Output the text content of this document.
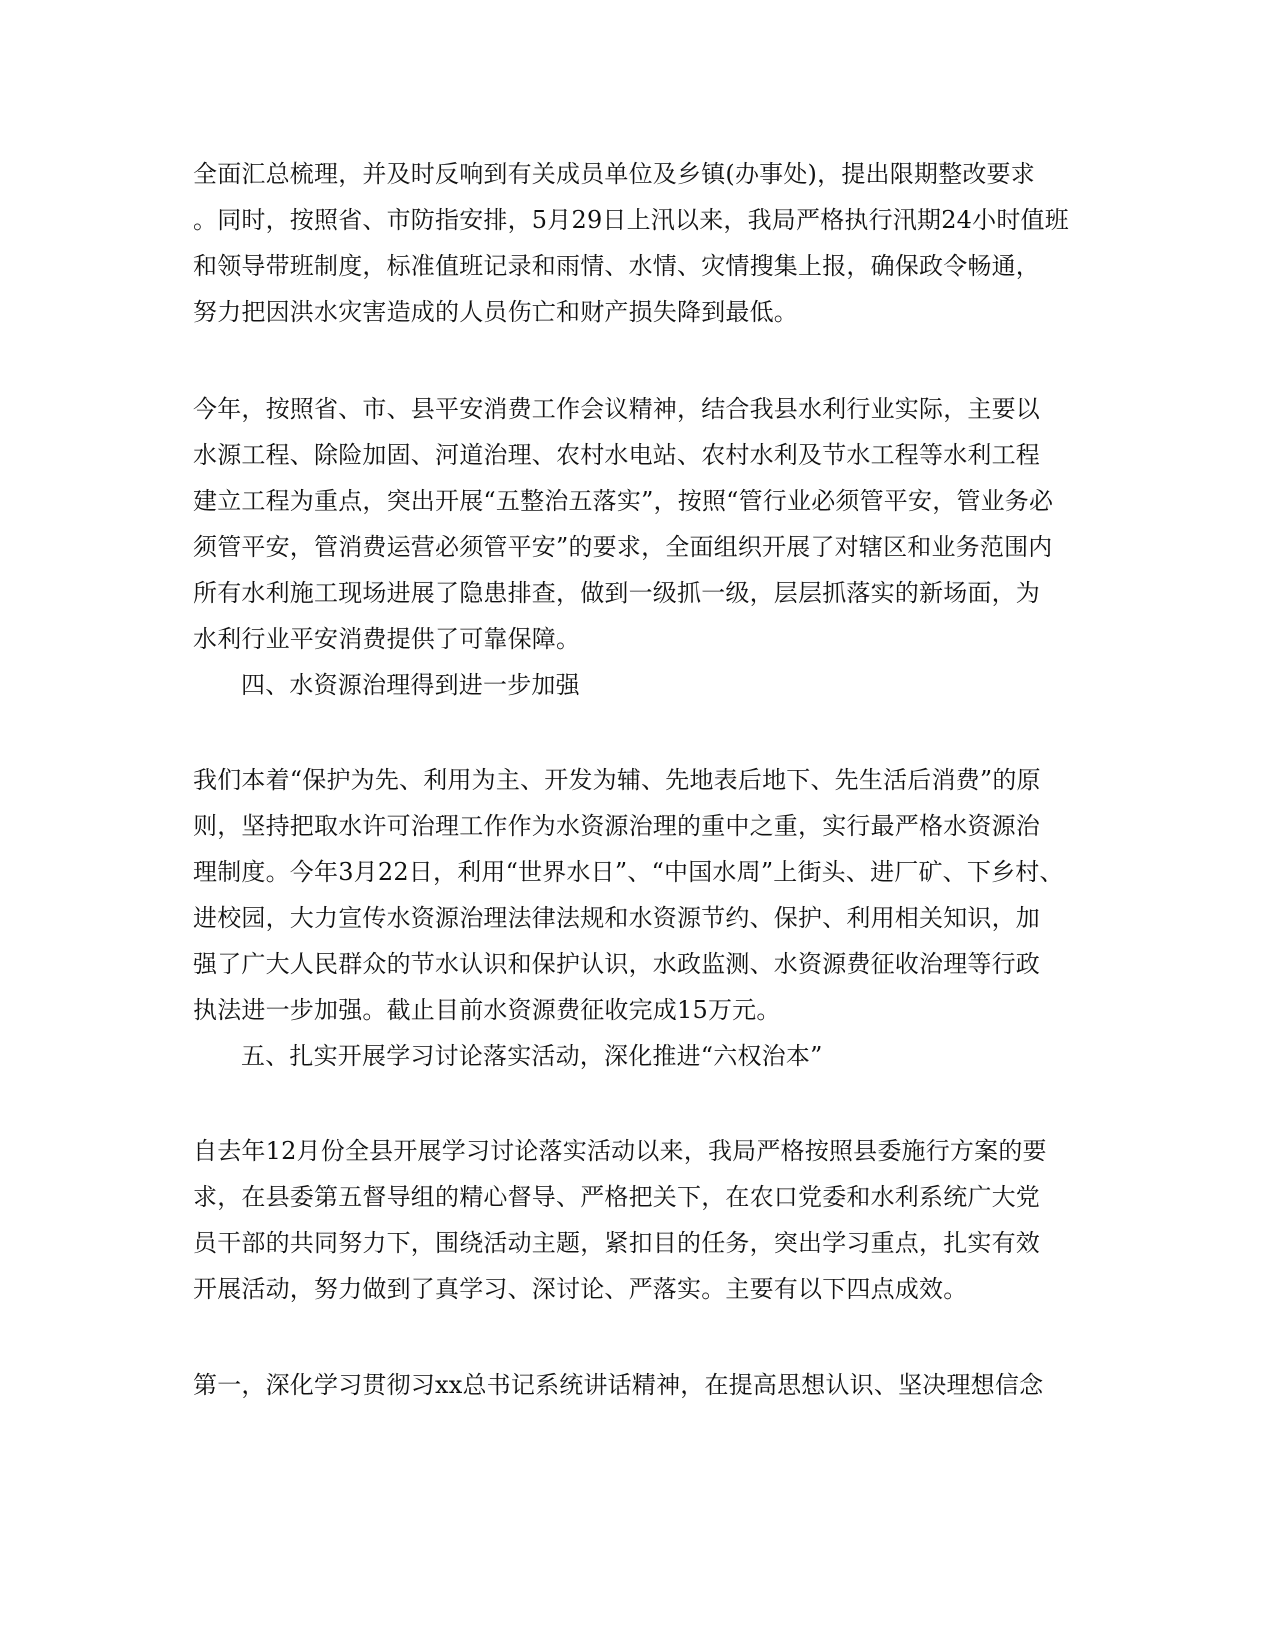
全面汇总梳理，并及时反响到有关成员单位及乡镇(办事处)，提出限期整改要求
。同时，按照省、市防指安排，5月29日上汛以来，我局严格执行汛期24小时值班
和领导带班制度，标准值班记录和雨情、水情、灾情搜集上报，确保政令畅通，
努力把因洪水灾害造成的人员伤亡和财产损失降到最低。
今年，按照省、市、县平安消费工作会议精神，结合我县水利行业实际，主要以
水源工程、除险加固、河道治理、农村水电站、农村水利及节水工程等水利工程
建立工程为重点，突出开展“五整治五落实”，按照“管行业必须管平安，管业务必
须管平安，管消费运营必须管平安”的要求，全面组织开展了对辖区和业务范围内
所有水利施工现场进展了隐患排查，做到一级抓一级，层层抓落实的新场面，为
水利行业平安消费提供了可靠保障。
四、水资源治理得到进一步加强
我们本着“保护为先、利用为主、开发为辅、先地表后地下、先生活后消费”的原
则，坚持把取水许可治理工作作为水资源治理的重中之重，实行最严格水资源治
理制度。今年3月22日，利用“世界水日”、“中国水周”上街头、进厂矿、下乡村、
进校园，大力宣传水资源治理法律法规和水资源节约、保护、利用相关知识，加
强了广大人民群众的节水认识和保护认识，水政监测、水资源费征收治理等行政
执法进一步加强。截止目前水资源费征收完成15万元。
五、扎实开展学习讨论落实活动，深化推进“六权治本”
自去年12月份全县开展学习讨论落实活动以来，我局严格按照县委施行方案的要
求，在县委第五督导组的精心督导、严格把关下，在农口党委和水利系统广大党
员干部的共同努力下，围绕活动主题，紧扣目的任务，突出学习重点，扎实有效
开展活动，努力做到了真学习、深讨论、严落实。主要有以下四点成效。
第一，深化学习贯彻习xx总书记系统讲话精神，在提高思想认识、坚决理想信念
